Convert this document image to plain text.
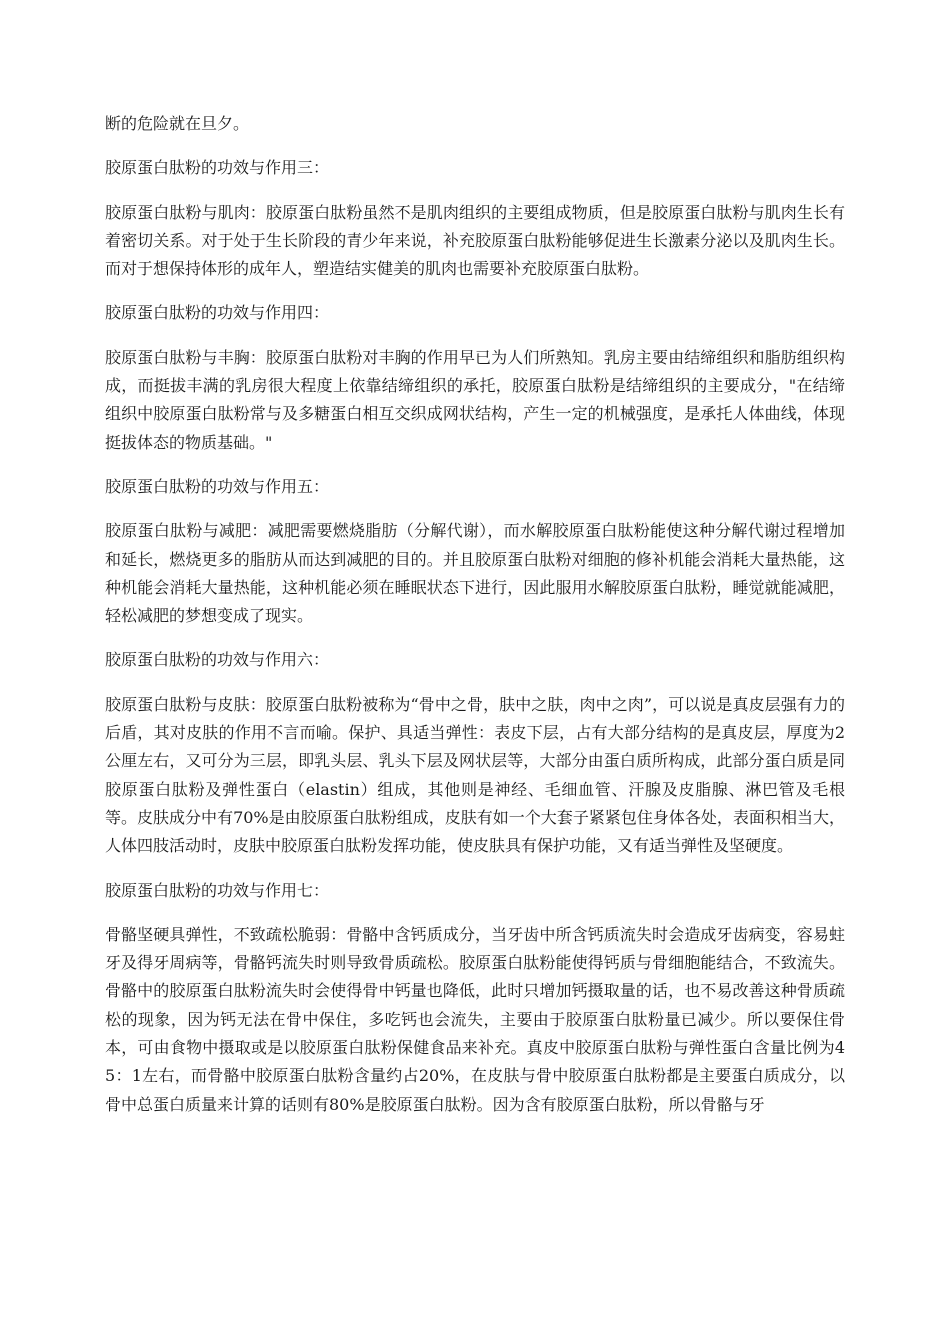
断的危险就在旦夕。

胶原蛋白肽粉的功效与作用三：

胶原蛋白肽粉与肌肉：胶原蛋白肽粉虽然不是肌肉组织的主要组成物质，但是胶原蛋白肽粉与肌肉生长有着密切关系。对于处于生长阶段的青少年来说，补充胶原蛋白肽粉能够促进生长激素分泌以及肌肉生长。而对于想保持体形的成年人，塑造结实健美的肌肉也需要补充胶原蛋白肽粉。

胶原蛋白肽粉的功效与作用四：

胶原蛋白肽粉与丰胸：胶原蛋白肽粉对丰胸的作用早已为人们所熟知。乳房主要由结缔组织和脂肪组织构成，而挺拔丰满的乳房很大程度上依靠结缔组织的承托，胶原蛋白肽粉是结缔组织的主要成分，"在结缔组织中胶原蛋白肽粉常与及多糖蛋白相互交织成网状结构，产生一定的机械强度，是承托人体曲线，体现挺拔体态的物质基础。"

胶原蛋白肽粉的功效与作用五：

胶原蛋白肽粉与减肥：减肥需要燃烧脂肪（分解代谢），而水解胶原蛋白肽粉能使这种分解代谢过程增加和延长，燃烧更多的脂肪从而达到减肥的目的。并且胶原蛋白肽粉对细胞的修补机能会消耗大量热能，这种机能会消耗大量热能，这种机能必须在睡眠状态下进行，因此服用水解胶原蛋白肽粉，睡觉就能减肥，轻松减肥的梦想变成了现实。

胶原蛋白肽粉的功效与作用六：

胶原蛋白肽粉与皮肤：胶原蛋白肽粉被称为“骨中之骨，肤中之肤，肉中之肉”，可以说是真皮层强有力的后盾，其对皮肤的作用不言而喻。保护、具适当弹性：表皮下层，占有大部分结构的是真皮层，厚度为2公厘左右，又可分为三层，即乳头层、乳头下层及网状层等，大部分由蛋白质所构成，此部分蛋白质是同胶原蛋白肽粉及弹性蛋白（elastin）组成，其他则是神经、毛细血管、汗腺及皮脂腺、淋巴管及毛根等。皮肤成分中有70%是由胶原蛋白肽粉组成，皮肤有如一个大套子紧紧包住身体各处，表面积相当大，人体四肢活动时，皮肤中胶原蛋白肽粉发挥功能，使皮肤具有保护功能，又有适当弹性及坚硬度。

胶原蛋白肽粉的功效与作用七：

骨骼坚硬具弹性，不致疏松脆弱：骨骼中含钙质成分，当牙齿中所含钙质流失时会造成牙齿病变，容易蛀牙及得牙周病等，骨骼钙流失时则导致骨质疏松。胶原蛋白肽粉能使得钙质与骨细胞能结合，不致流失。骨骼中的胶原蛋白肽粉流失时会使得骨中钙量也降低，此时只增加钙摄取量的话，也不易改善这种骨质疏松的现象，因为钙无法在骨中保住，多吃钙也会流失，主要由于胶原蛋白肽粉量已减少。所以要保住骨本，可由食物中摄取或是以胶原蛋白肽粉保健食品来补充。真皮中胶原蛋白肽粉与弹性蛋白含量比例为45：1左右，而骨骼中胶原蛋白肽粉含量约占20%，在皮肤与骨中胶原蛋白肽粉都是主要蛋白质成分，以骨中总蛋白质量来计算的话则有80%是胶原蛋白肽粉。因为含有胶原蛋白肽粉，所以骨骼与牙
